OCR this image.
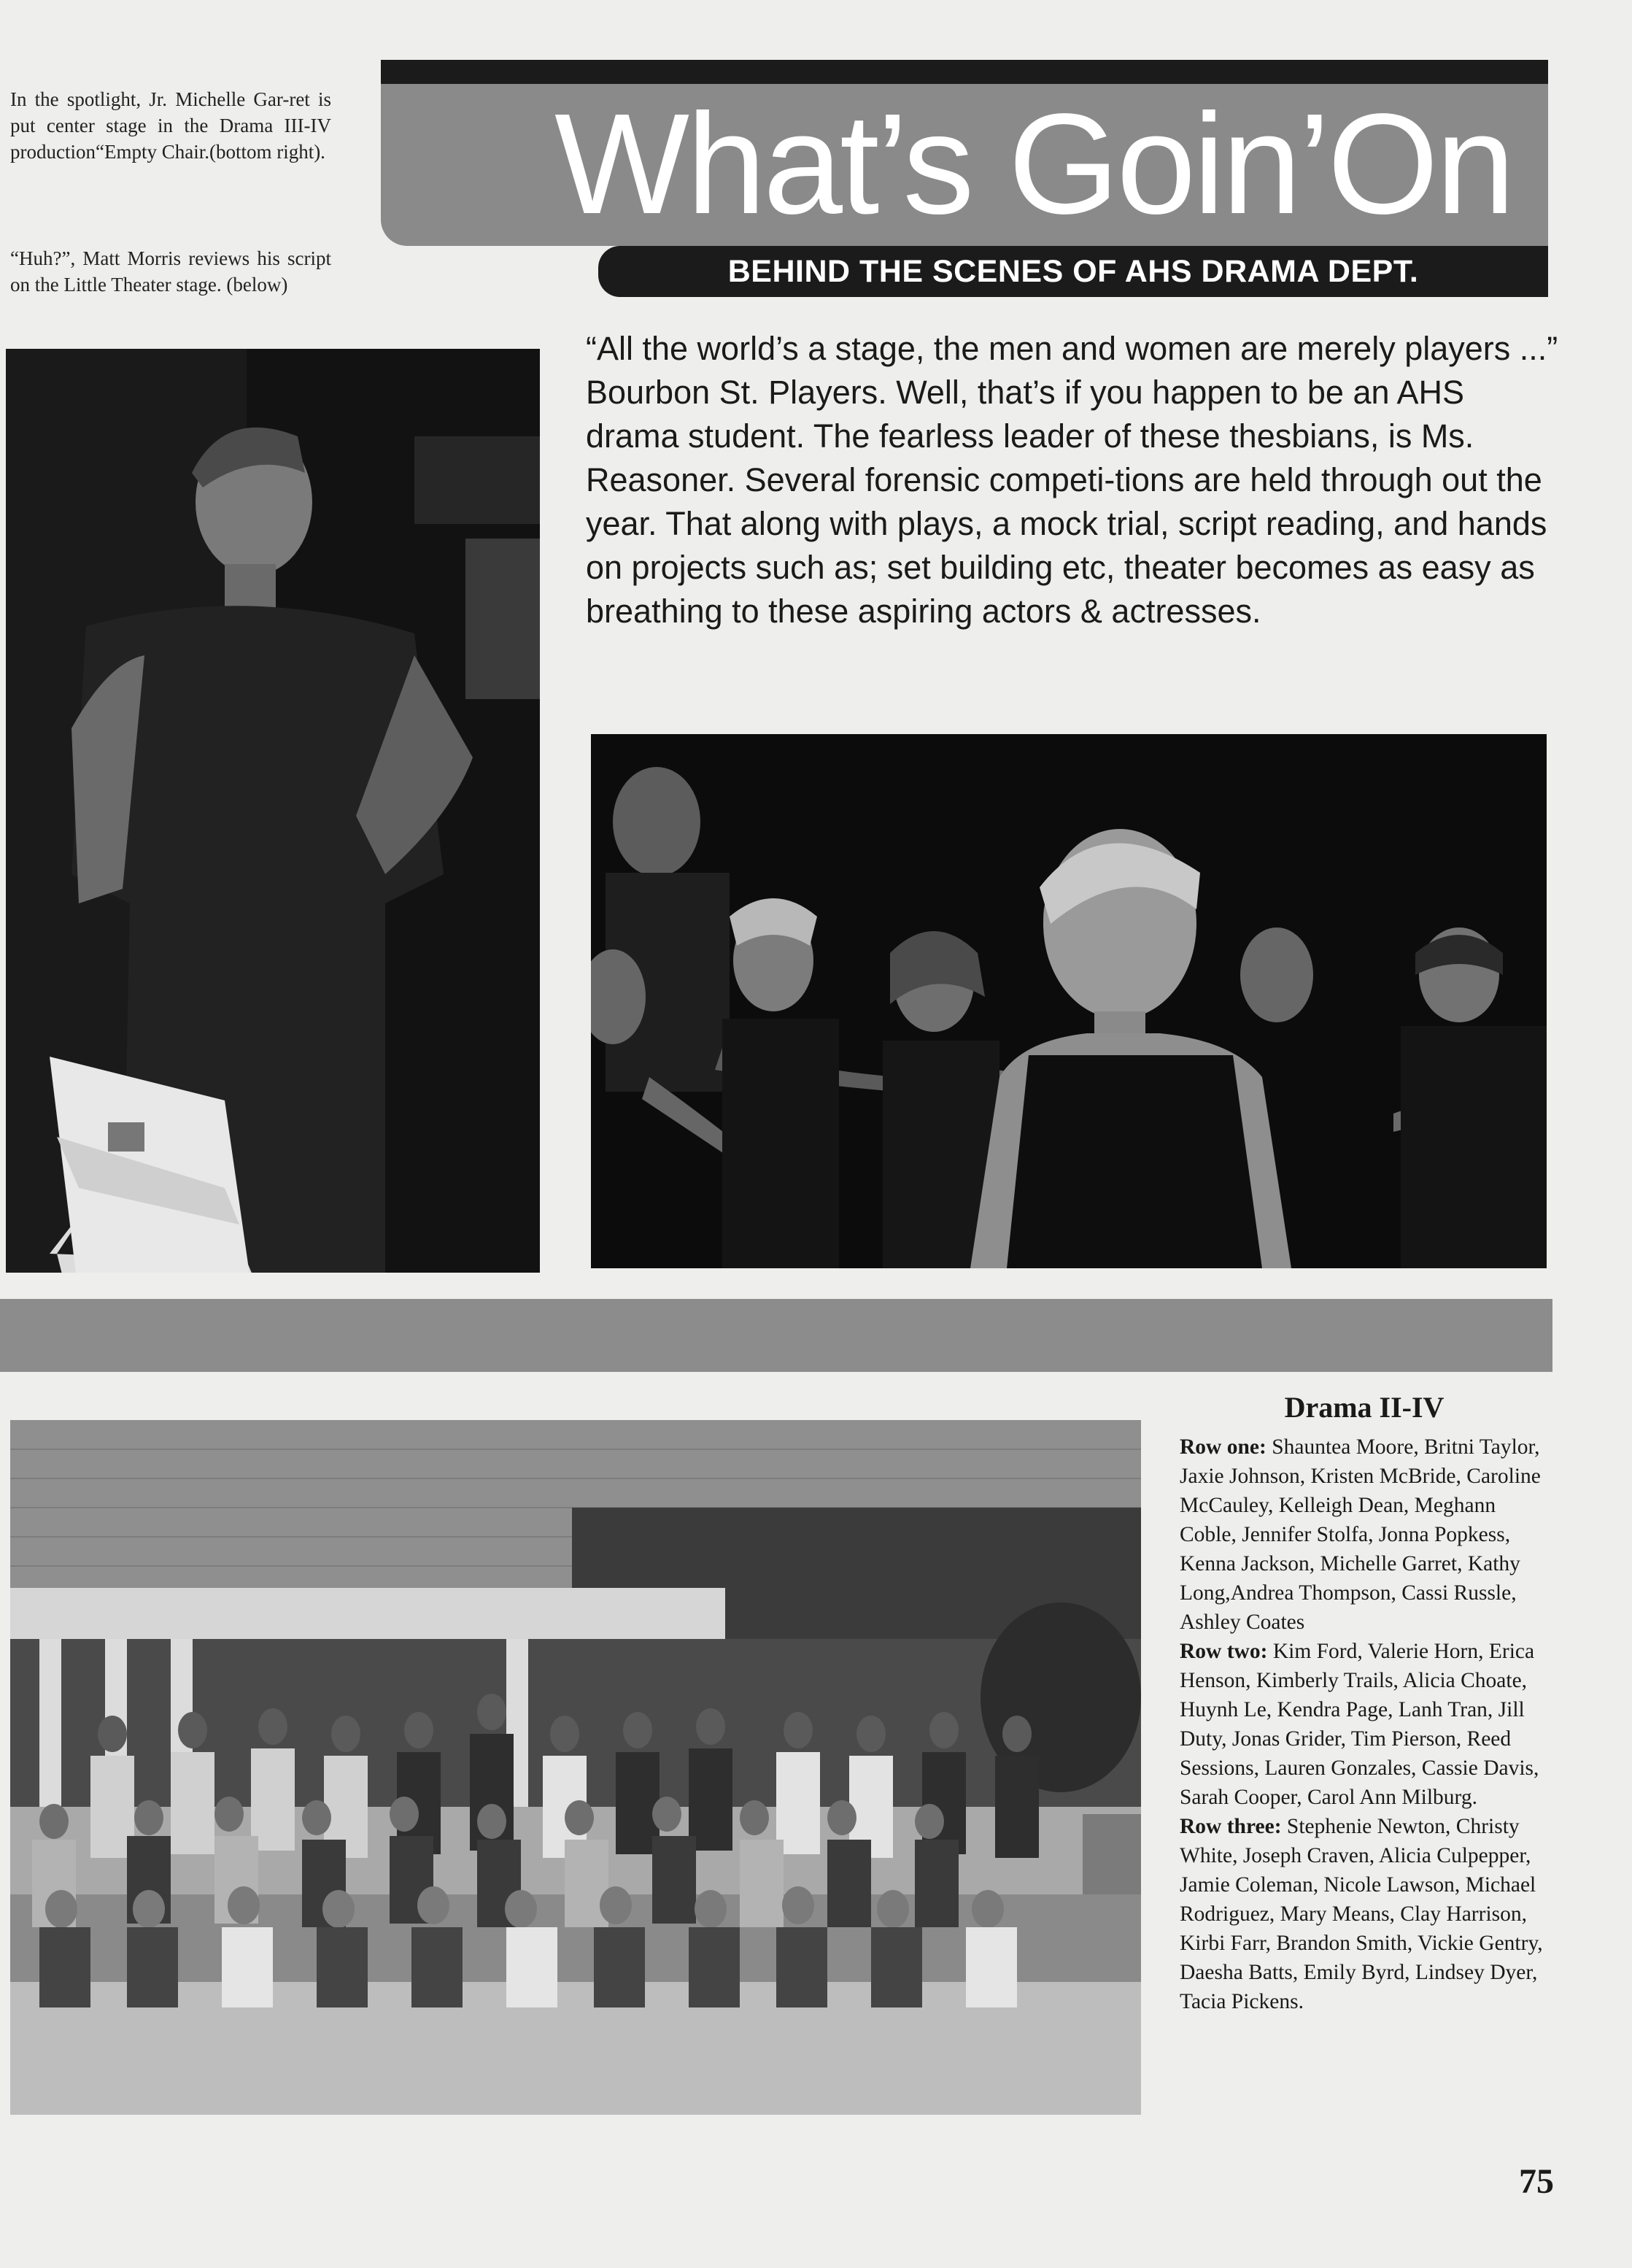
In the spotlight, Jr. Michelle Gar-ret is put center stage in the Drama III-IV production“Empty Chair.(bottom right).
“Huh?”, Matt Morris reviews his script on the Little Theater stage. (below)
What’s Goin’On
BEHIND THE SCENES OF AHS DRAMA DEPT.
“All the world’s a stage, the men and women are merely players ...” Bourbon St. Players. Well, that’s if you happen to be an AHS drama student. The fearless leader of these thesbians, is Ms. Reasoner. Several forensic competi-tions are held through out the year. That along with plays, a mock trial, script reading, and hands on projects such as; set building etc, theater becomes as easy as breathing to these aspiring actors & actresses.
Drama II-IV
Row one: Shauntea Moore, Britni Taylor, Jaxie Johnson, Kristen McBride, Caroline McCauley, Kelleigh Dean, Meghann Coble, Jennifer Stolfa, Jonna Popkess, Kenna Jackson, Michelle Garret, Kathy Long,Andrea Thompson, Cassi Russle, Ashley Coates
Row two: Kim Ford, Valerie Horn, Erica Henson, Kimberly Trails, Alicia Choate, Huynh Le, Kendra Page, Lanh Tran, Jill Duty, Jonas Grider, Tim Pierson, Reed Sessions, Lauren Gonzales, Cassie Davis, Sarah Cooper, Carol Ann Milburg.
Row three: Stephenie Newton, Christy White, Joseph Craven, Alicia Culpepper, Jamie Coleman, Nicole Lawson, Michael Rodriguez, Mary Means, Clay Harrison, Kirbi Farr, Brandon Smith, Vickie Gentry, Daesha Batts, Emily Byrd, Lindsey Dyer, Tacia Pickens.
75
